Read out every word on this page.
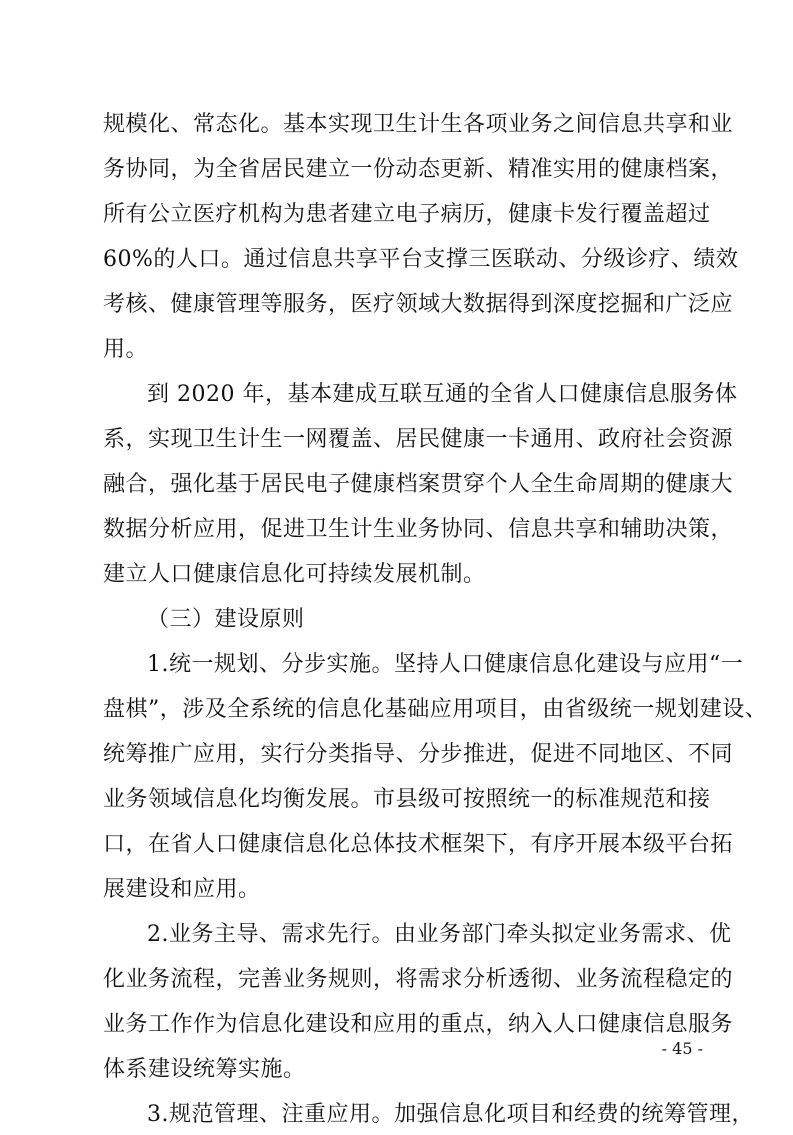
规模化、常态化。基本实现卫生计生各项业务之间信息共享和业
务协同，为全省居民建立一份动态更新、精准实用的健康档案，
所有公立医疗机构为患者建立电子病历，健康卡发行覆盖超过
60%的人口。通过信息共享平台支撑三医联动、分级诊疗、绩效
考核、健康管理等服务，医疗领域大数据得到深度挖掘和广泛应
用。
到 2020 年，基本建成互联互通的全省人口健康信息服务体
系，实现卫生计生一网覆盖、居民健康一卡通用、政府社会资源
融合，强化基于居民电子健康档案贯穿个人全生命周期的健康大
数据分析应用，促进卫生计生业务协同、信息共享和辅助决策，
建立人口健康信息化可持续发展机制。
（三）建设原则
1.统一规划、分步实施。坚持人口健康信息化建设与应用“一
盘棋”，涉及全系统的信息化基础应用项目，由省级统一规划建设、
统筹推广应用，实行分类指导、分步推进，促进不同地区、不同
业务领域信息化均衡发展。市县级可按照统一的标准规范和接
口，在省人口健康信息化总体技术框架下，有序开展本级平台拓
展建设和应用。
2.业务主导、需求先行。由业务部门牵头拟定业务需求、优
化业务流程，完善业务规则，将需求分析透彻、业务流程稳定的
业务工作作为信息化建设和应用的重点，纳入人口健康信息服务
体系建设统筹实施。
3.规范管理、注重应用。加强信息化项目和经费的统筹管理，
- 45 -
